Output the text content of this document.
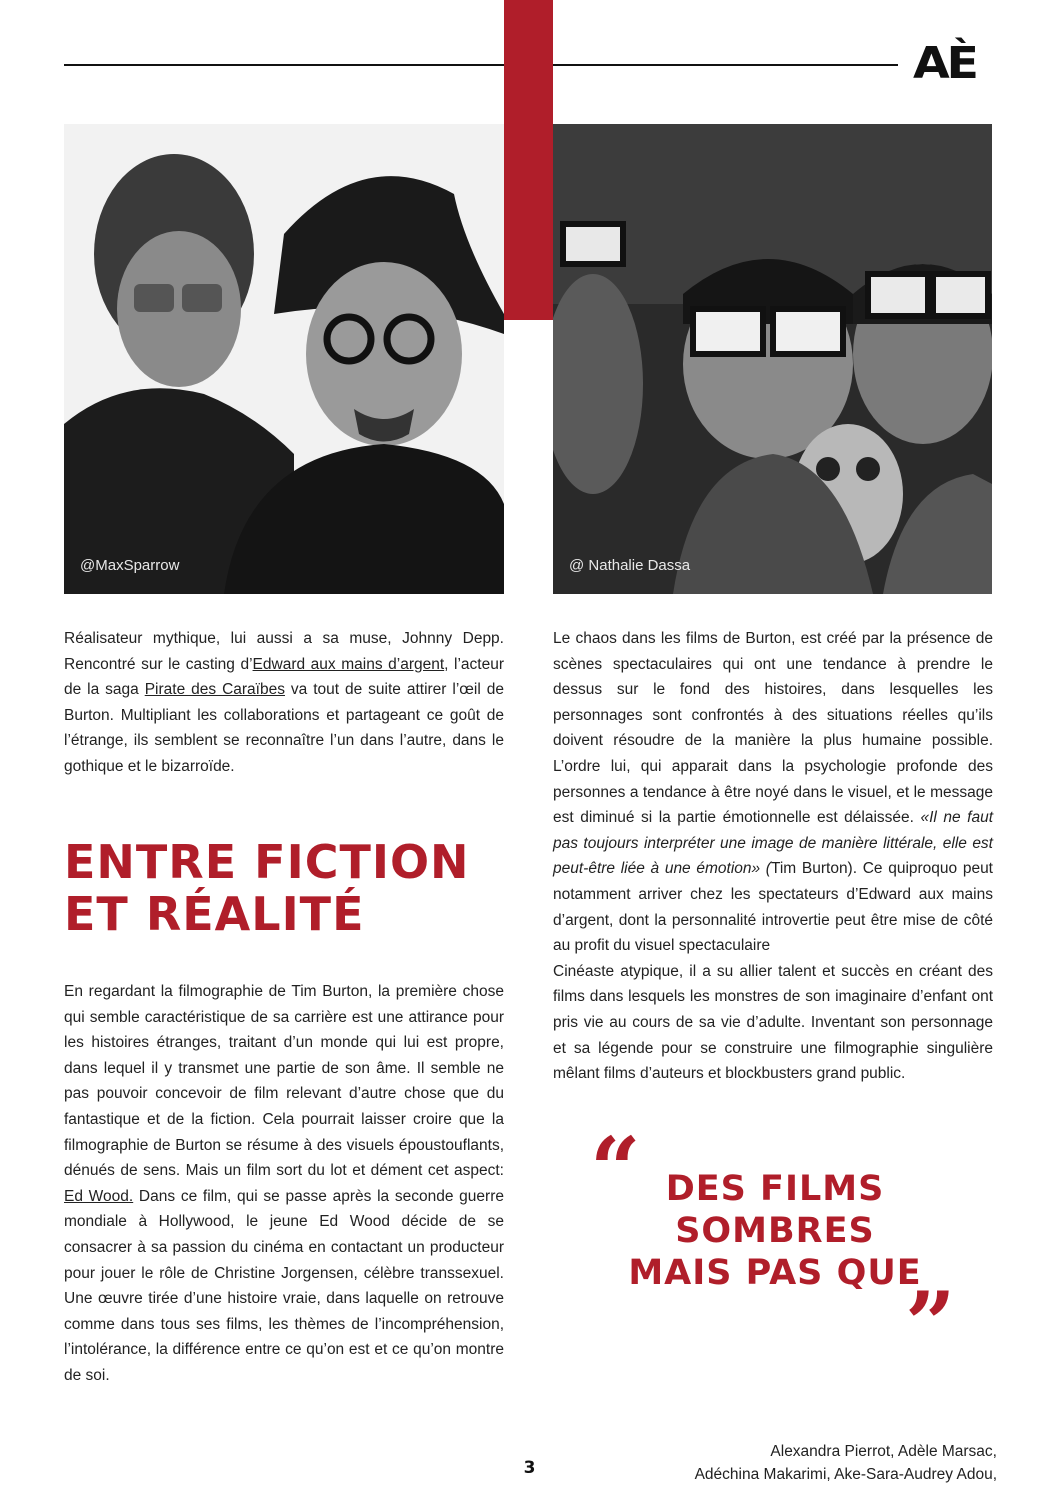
AÈ
@MaxSparrow	@ Nathalie Dassa

Réalisateur mythique, lui aussi a sa muse, Johnny Depp. Rencontré sur le casting d’Edward aux mains d’argent, l’acteur de la saga Pirate des Caraïbes va tout de suite attirer l’œil de Burton. Multipliant les collaborations et partageant ce goût de l’étrange, ils semblent se reconnaître l’un dans l’autre, dans le gothique et le bizarroïde.

ENTRE FICTION
ET RÉALITÉ

En regardant la filmographie de Tim Burton, la première chose qui semble caractéristique de sa carrière est une attirance pour les histoires étranges, traitant d’un monde qui lui est propre, dans lequel il y transmet une partie de son âme. Il semble ne pas pouvoir concevoir de film relevant d’autre chose que du fantastique et de la fiction. Cela pourrait laisser croire que la filmographie de Burton se résume à des visuels époustouflants, dénués de sens. Mais un film sort du lot et dément cet aspect: Ed Wood. Dans ce film, qui se passe après la seconde guerre mondiale à Hollywood, le jeune Ed Wood décide de se consacrer à sa passion du cinéma en contactant un producteur pour jouer le rôle de Christine Jorgensen, célèbre transsexuel. Une œuvre tirée d’une histoire vraie, dans laquelle on retrouve comme dans tous ses films, les thèmes de l’incompréhension, l’intolérance, la différence entre ce qu’on est et ce qu’on montre de soi.

Le chaos dans les films de Burton, est créé par la présence de scènes spectaculaires qui ont une tendance à prendre le dessus sur le fond des histoires, dans lesquelles les personnages sont confrontés à des situations réelles qu’ils doivent résoudre de la manière la plus humaine possible. L’ordre lui, qui apparait dans la psychologie profonde des personnes a tendance à être noyé dans le visuel, et le message est diminué si la partie émotionnelle est délaissée. «Il ne faut pas toujours interpréter une image de manière littérale, elle est peut-être liée à une émotion» (Tim Burton). Ce quiproquo peut notamment arriver chez les spectateurs d’Edward aux mains d’argent, dont la personnalité introvertie peut être mise de côté au profit du visuel spectaculaire

Cinéaste atypique, il a su allier talent et succès en créant des films dans lesquels les monstres de son imaginaire d’enfant ont pris vie au cours de sa vie d’adulte. Inventant son personnage et sa légende pour se construire une filmographie singulière mêlant films d’auteurs et blockbusters grand public.

“ DES FILMS
SOMBRES
MAIS PAS QUE
”
Alexandra Pierrot, Adèle Marsac,
Adéchina Makarimi, Ake-Sara-Audrey Adou,
3
